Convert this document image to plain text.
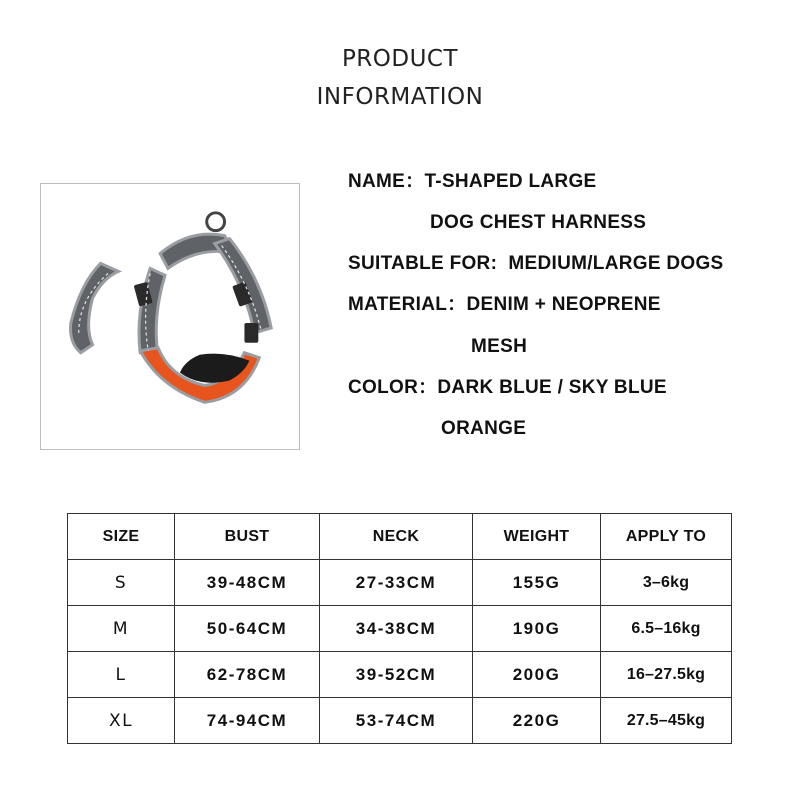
PRODUCT
INFORMATION
NAME：T-SHAPED LARGE
DOG CHEST HARNESS
SUITABLE FOR: MEDIUM/LARGE DOGS
MATERIAL：DENIM + NEOPRENE
MESH
COLOR：DARK BLUE / SKY BLUE
ORANGE
SIZE	BUST	NECK	WEIGHT	APPLY TO
S	39-48CM	27-33CM	155G	3–6kg
M	50-64CM	34-38CM	190G	6.5–16kg
L	62-78CM	39-52CM	200G	16–27.5kg
XL	74-94CM	53-74CM	220G	27.5–45kg
